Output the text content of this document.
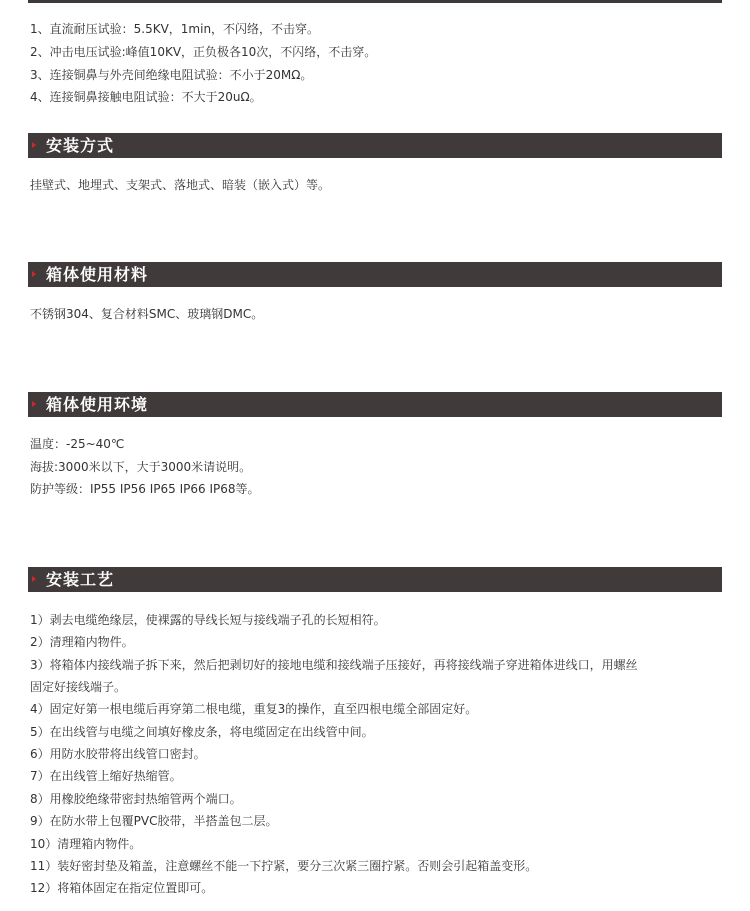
1、直流耐压试验：5.5KV，1min，不闪络，不击穿。
2、冲击电压试验:峰值10KV，正负极各10次，不闪络，不击穿。
3、连接铜鼻与外壳间绝缘电阻试验：不小于20MΩ。
4、连接铜鼻接触电阻试验：不大于20uΩ。
安装方式
挂壁式、地埋式、支架式、落地式、暗装（嵌入式）等。
箱体使用材料
不锈钢304、复合材料SMC、玻璃钢DMC。
箱体使用环境
温度：-25~40℃
海拔:3000米以下，大于3000米请说明。
防护等级：IP55 IP56 IP65 IP66 IP68等。
安装工艺
1）剥去电缆绝缘层，使裸露的导线长短与接线端子孔的长短相符。
2）清理箱内物件。
3）将箱体内接线端子拆下来，然后把剥切好的接地电缆和接线端子压接好，再将接线端子穿进箱体进线口，用螺丝
固定好接线端子。
4）固定好第一根电缆后再穿第二根电缆，重复3的操作，直至四根电缆全部固定好。
5）在出线管与电缆之间填好橡皮条，将电缆固定在出线管中间。
6）用防水胶带将出线管口密封。
7）在出线管上缩好热缩管。
8）用橡胶绝缘带密封热缩管两个端口。
9）在防水带上包覆PVC胶带，半搭盖包二层。
10）清理箱内物件。
11）装好密封垫及箱盖，注意螺丝不能一下拧紧，要分三次紧三圈拧紧。否则会引起箱盖变形。
12）将箱体固定在指定位置即可。
